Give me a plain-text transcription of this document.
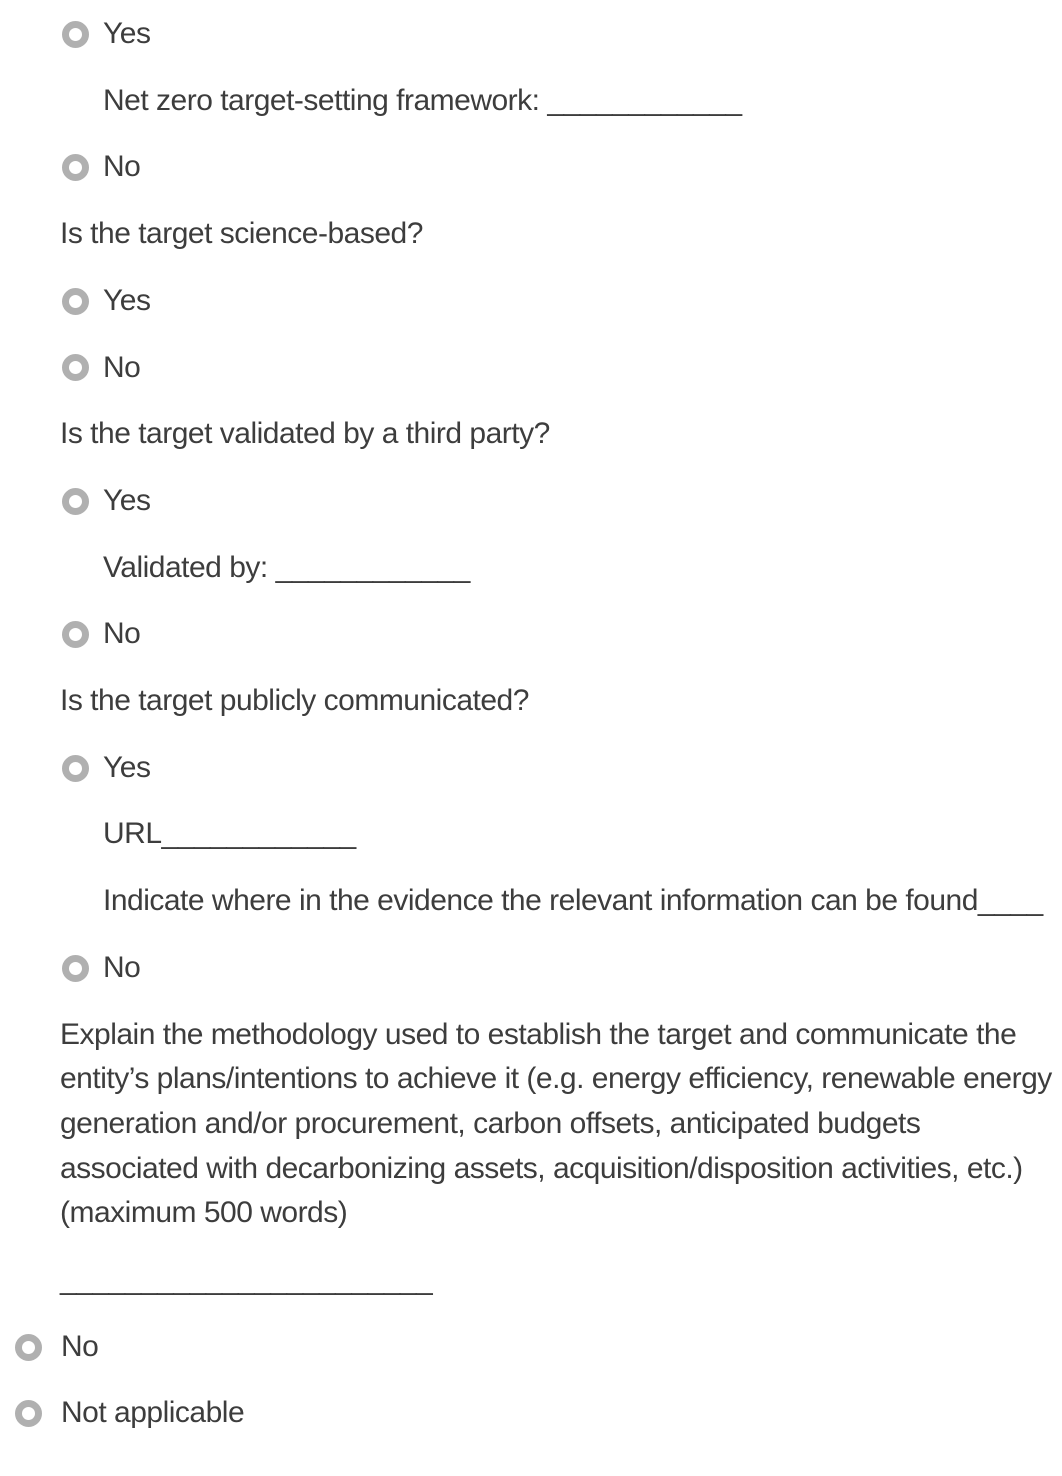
Yes
Net zero target-setting framework: ____________
No
Is the target science-based?
Yes
No
Is the target validated by a third party?
Yes
Validated by: ____________
No
Is the target publicly communicated?
Yes
URL____________
Indicate where in the evidence the relevant information can be found____
No
Explain the methodology used to establish the target and communicate the entity’s plans/intentions to achieve it (e.g. energy efficiency, renewable energy generation and/or procurement, carbon offsets, anticipated budgets associated with decarbonizing assets, acquisition/disposition activities, etc.) (maximum 500 words)
_______________________
No
Not applicable
